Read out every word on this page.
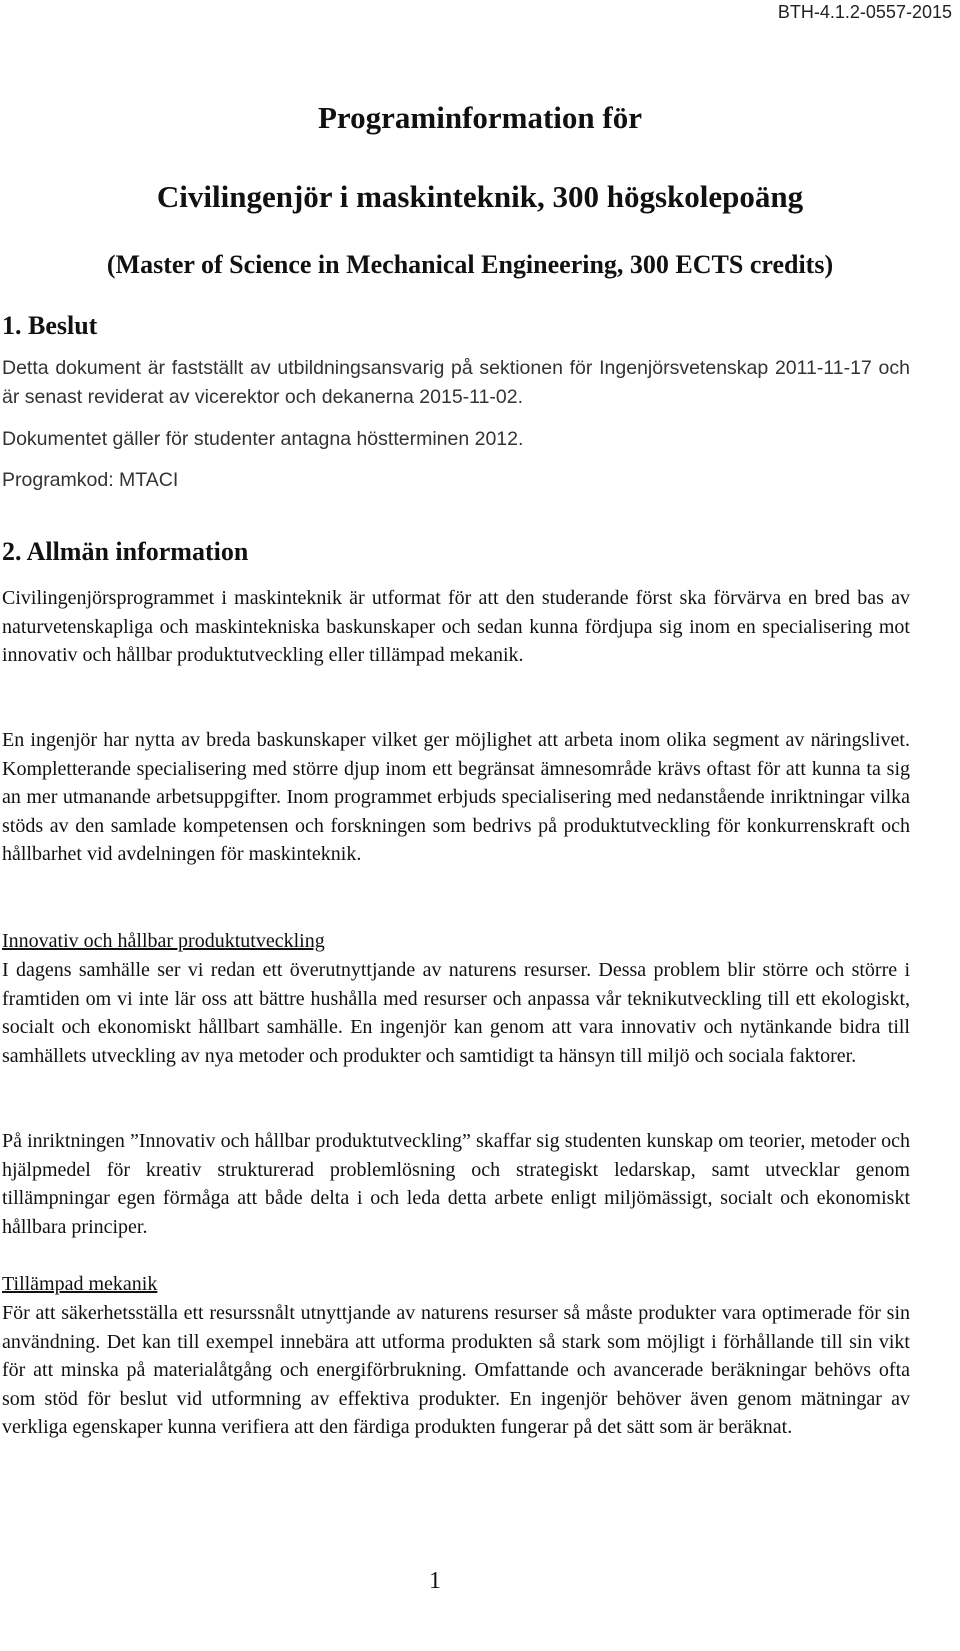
BTH-4.1.2-0557-2015
Programinformation för
Civilingenjör i maskinteknik, 300 högskolepoäng
(Master of Science in Mechanical Engineering, 300 ECTS credits)
1. Beslut

Detta dokument är fastställt av utbildningsansvarig på sektionen för Ingenjörsvetenskap 2011-11-17 och är senast reviderat av vicerektor och dekanerna 2015-11-02.

Dokumentet gäller för studenter antagna höstterminen 2012.

Programkod: MTACI

2. Allmän information

Civilingenjörsprogrammet i maskinteknik är utformat för att den studerande först ska förvärva en bred bas av naturvetenskapliga och maskintekniska baskunskaper och sedan kunna fördjupa sig inom en specialisering mot innovativ och hållbar produktutveckling eller tillämpad mekanik.

En ingenjör har nytta av breda baskunskaper vilket ger möjlighet att arbeta inom olika segment av näringslivet. Kompletterande specialisering med större djup inom ett begränsat ämnesområde krävs oftast för att kunna ta sig an mer utmanande arbetsuppgifter. Inom programmet erbjuds specialisering med nedanstående inriktningar vilka stöds av den samlade kompetensen och forskningen som bedrivs på produktutveckling för konkurrenskraft och hållbarhet vid avdelningen för maskinteknik.

Innovativ och hållbar produktutveckling

I dagens samhälle ser vi redan ett överutnyttjande av naturens resurser. Dessa problem blir större och större i framtiden om vi inte lär oss att bättre hushålla med resurser och anpassa vår teknikutveckling till ett ekologiskt, socialt och ekonomiskt hållbart samhälle. En ingenjör kan genom att vara innovativ och nytänkande bidra till samhällets utveckling av nya metoder och produkter och samtidigt ta hänsyn till miljö och sociala faktorer.

På inriktningen ”Innovativ och hållbar produktutveckling” skaffar sig studenten kunskap om teorier, metoder och hjälpmedel för kreativ strukturerad problemlösning och strategiskt ledarskap, samt utvecklar genom tillämpningar egen förmåga att både delta i och leda detta arbete enligt miljömässigt, socialt och ekonomiskt hållbara principer.

Tillämpad mekanik

För att säkerhetsställa ett resurssnålt utnyttjande av naturens resurser så måste produkter vara optimerade för sin användning. Det kan till exempel innebära att utforma produkten så stark som möjligt i förhållande till sin vikt för att minska på materialåtgång och energiförbrukning. Omfattande och avancerade beräkningar behövs ofta som stöd för beslut vid utformning av effektiva produkter. En ingenjör behöver även genom mätningar av verkliga egenskaper kunna verifiera att den färdiga produkten fungerar på det sätt som är beräknat.

1
